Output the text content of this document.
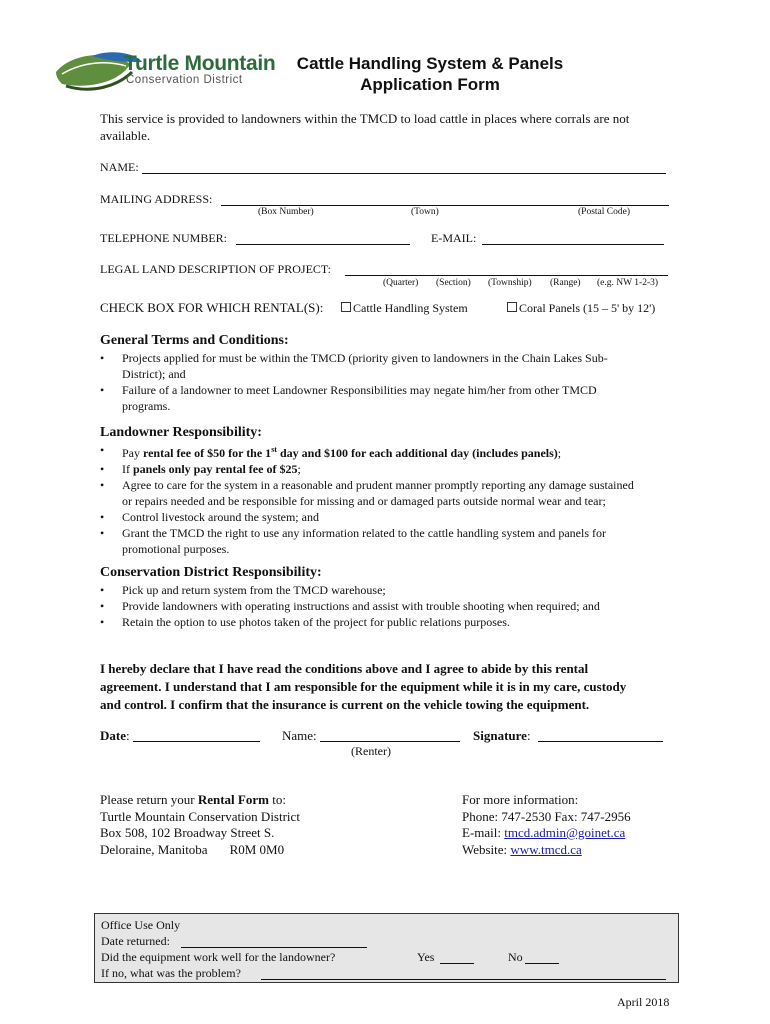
Turtle Mountain
Conservation District
Cattle Handling System & Panels
Application Form
This service is provided to landowners within the TMCD to load cattle in places where corrals are not
available.
NAME:
MAILING ADDRESS:
(Box Number)	(Town)	(Postal Code)
TELEPHONE NUMBER:	E-MAIL:
LEGAL LAND DESCRIPTION OF PROJECT:
(Quarter) (Section) (Township) (Range) (e.g. NW 1-2-3)
CHECK BOX FOR WHICH RENTAL(S):	Cattle Handling System	Coral Panels (15 – 5' by 12')
General Terms and Conditions:
• Projects applied for must be within the TMCD (priority given to landowners in the Chain Lakes Sub-
District); and
• Failure of a landowner to meet Landowner Responsibilities may negate him/her from other TMCD
programs.
Landowner Responsibility:
• Pay rental fee of $50 for the 1st day and $100 for each additional day (includes panels);
• If panels only pay rental fee of $25;
• Agree to care for the system in a reasonable and prudent manner promptly reporting any damage sustained
or repairs needed and be responsible for missing and or damaged parts outside normal wear and tear;
• Control livestock around the system; and
• Grant the TMCD the right to use any information related to the cattle handling system and panels for
promotional purposes.
Conservation District Responsibility:
• Pick up and return system from the TMCD warehouse;
• Provide landowners with operating instructions and assist with trouble shooting when required; and
• Retain the option to use photos taken of the project for public relations purposes.
I hereby declare that I have read the conditions above and I agree to abide by this rental
agreement. I understand that I am responsible for the equipment while it is in my care, custody
and control. I confirm that the insurance is current on the vehicle towing the equipment.
Date:	Name:	Signature:
(Renter)
Please return your Rental Form to:
Turtle Mountain Conservation District
Box 508, 102 Broadway Street S.
Deloraine, Manitoba R0M 0M0
For more information:
Phone: 747-2530 Fax: 747-2956
E-mail: tmcd.admin@goinet.ca
Website: www.tmcd.ca
Office Use Only
Date returned:
Did the equipment work well for the landowner?	Yes	No
If no, what was the problem?
April 2018
